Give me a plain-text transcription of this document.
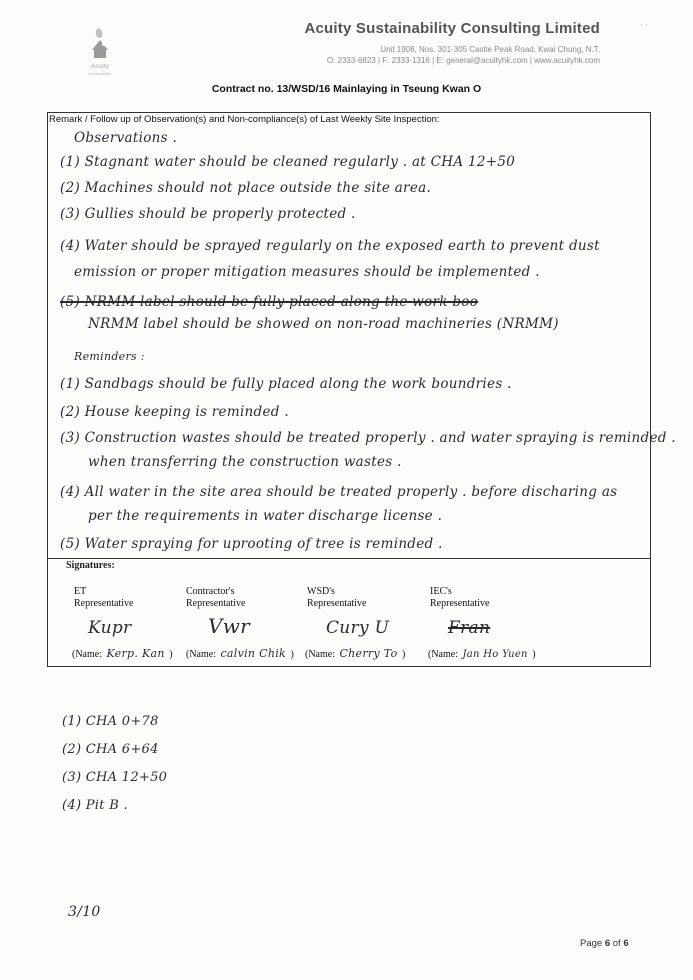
Acuity
sustainability
Acuity Sustainability Consulting Limited
Unit 1908, Nos. 301-305 Castle Peak Road, Kwai Chung, N.T.
O: 2333-6823 | F: 2333-1316 | E: general@acuityhk.com | www.acuityhk.com
· ·
Contract no. 13/WSD/16 Mainlaying in Tseung Kwan O
Remark / Follow up of Observation(s) and Non-compliance(s) of Last Weekly Site Inspection:
Observations .
(1) Stagnant water should be cleaned regularly . at CHA 12+50
(2) Machines should not place outside the site area.
(3) Gullies should be properly protected .
(4) Water should be sprayed regularly on the exposed earth to prevent dust
emission or proper mitigation measures should be implemented .
(5) NRMM label should be fully placed along the work boo
NRMM label should be showed on non-road machineries (NRMM)
Reminders :
(1) Sandbags should be fully placed along the work boundries .
(2) House keeping is reminded .
(3) Construction wastes should be treated properly . and water spraying is reminded .
when transferring the construction wastes .
(4) All water in the site area should be treated properly . before discharing as
per the requirements in water discharge license .
(5) Water spraying for uprooting of tree is reminded .
Signatures:
ET
Representative
Contractor's
Representative
WSD's
Representative
IEC's
Representative
Kupr	Vwr	Cury U	Fran
(Name: Kerp. Kan ) (Name: calvin Chik ) (Name: Cherry To ) (Name: Jan Ho Yuen )
(1) CHA 0+78
(2) CHA 6+64
(3) CHA 12+50
(4) Pit B .
3/10
Page 6 of 6
